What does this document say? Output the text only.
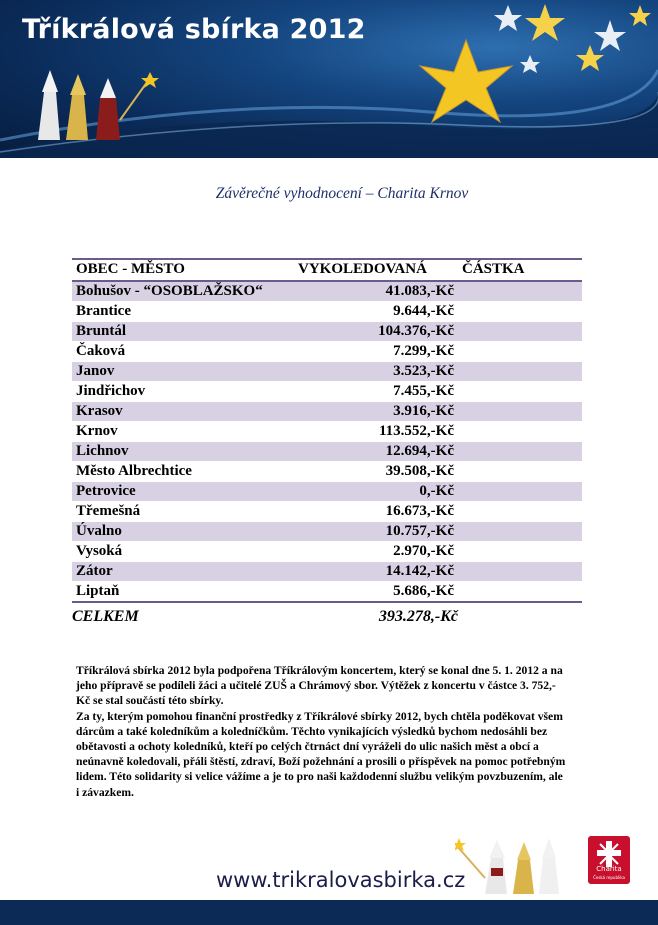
Tříkrálová sbírka 2012
Závěrečné vyhodnocení – Charita Krnov
OBEC - MĚSTO	VYKOLEDOVANÁ	ČÁSTKA
Bohušov - “OSOBLAŽSKO“	41.083,-Kč	
Brantice	9.644,-Kč	
Bruntál	104.376,-Kč	
Čaková	7.299,-Kč	
Janov	3.523,-Kč	
Jindřichov	7.455,-Kč	
Krasov	3.916,-Kč	
Krnov	113.552,-Kč	
Lichnov	12.694,-Kč	
Město Albrechtice	39.508,-Kč	
Petrovice	0,-Kč	
Třemešná	16.673,-Kč	
Úvalno	10.757,-Kč	
Vysoká	2.970,-Kč	
Zátor	14.142,-Kč	
Liptaň	5.686,-Kč	
CELKEM	393.278,-Kč

Tříkrálová sbírka 2012 byla podpořena Tříkrálovým koncertem, který se konal dne 5. 1. 2012 a na jeho přípravě se podíleli žáci a učitelé ZUŠ a Chrámový sbor. Výtěžek z koncertu v částce 3. 752,-Kč se stal součástí této sbírky.

Za ty, kterým pomohou finanční prostředky z Tříkrálové sbírky 2012, bych chtěla poděkovat všem dárcům a také koledníkům a koledníčkům. Těchto vynikajících výsledků bychom nedosáhli bez obětavosti a ochoty koledníků, kteří po celých čtrnáct dní vyráželi do ulic našich měst a obcí a neúnavně koledovali, přáli štěstí, zdraví, Boží požehnání a prosili o příspěvek na pomoc potřebným lidem. Této solidarity si velice vážíme a je to pro naši každodenní službu velikým povzbuzením, ale i závazkem.

Charita
Česká republika
www.trikralovasbirka.cz
